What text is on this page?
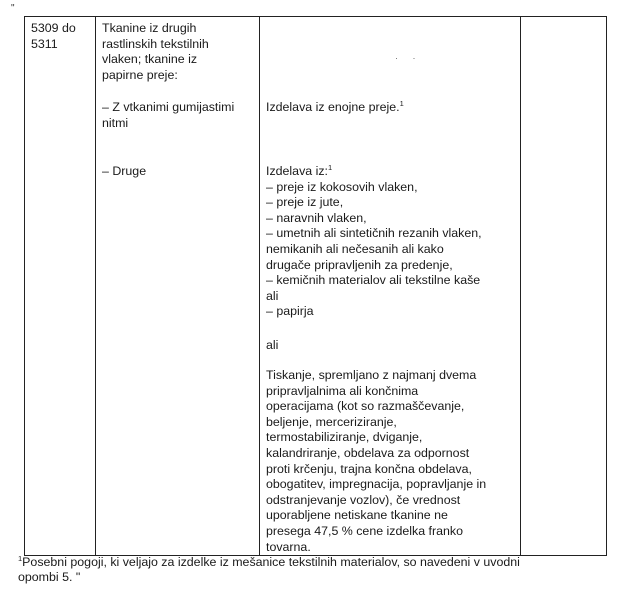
"
· ·
5309 do
5311
Tkanine iz drugih
rastlinskih tekstilnih
vlaken; tkanine iz
papirne preje:
– Z vtkanimi gumijastimi
nitmi
– Druge
Izdelava iz enojne preje.$^1$
Izdelava iz:$^1$
– preje iz kokosovih vlaken,
– preje iz jute,
– naravnih vlaken,
– umetnih ali sintetičnih rezanih vlaken,
nemikanih ali nečesanih ali kako
drugače pripravljenih za predenje,
– kemičnih materialov ali tekstilne kaše
ali
– papirja
ali
Tiskanje, spremljano z najmanj dvema
pripravljalnima ali končnima
operacijama (kot so razmaščevanje,
beljenje, merceriziranje,
termostabiliziranje, dviganje,
kalandriranje, obdelava za odpornost
proti krčenju, trajna končna obdelava,
obogatitev, impregnacija, popravljanje in
odstranjevanje vozlov), če vrednost
uporabljene netiskane tkanine ne
presega 47,5 % cene izdelka franko
tovarna.
$^1$Posebni pogoji, ki veljajo za izdelke iz mešanice tekstilnih materialov, so navedeni v uvodni
opombi 5. "
